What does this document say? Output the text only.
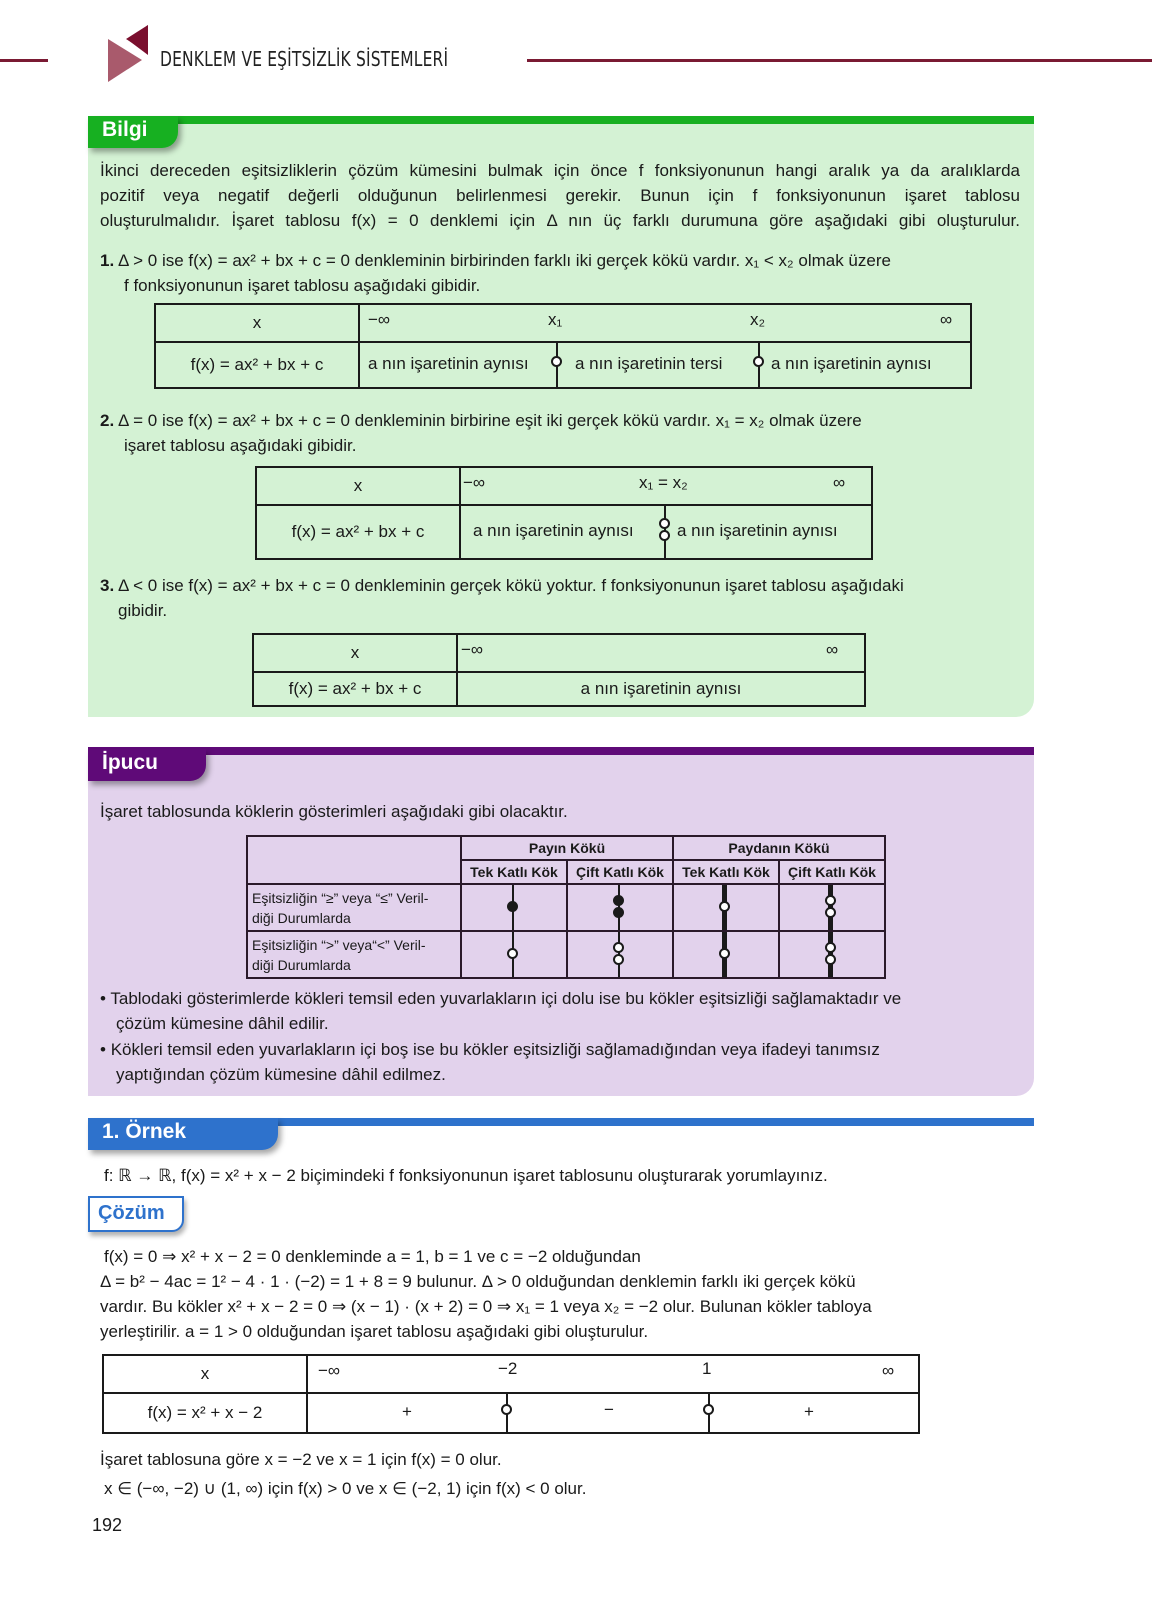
DENKLEM VE EŞİTSİZLİK SİSTEMLERİ
Bilgi
İkinci dereceden eşitsizliklerin çözüm kümesini bulmak için önce f fonksiyonunun hangi aralık ya da aralıklarda
pozitif veya negatif değerli olduğunun belirlenmesi gerekir. Bunun için f fonksiyonunun işaret tablosu
oluşturulmalıdır. İşaret tablosu f(x) = 0 denklemi için Δ nın üç farklı durumuna göre aşağıdaki gibi oluşturulur.
1. Δ > 0 ise f(x) = ax² + bx + c = 0 denkleminin birbirinden farklı iki gerçek kökü vardır. x₁ < x₂ olmak üzere
f fonksiyonunun işaret tablosu aşağıdaki gibidir.
x	−∞ x₁ x₂ ∞

f(x) = ax² + bx + c	a nın işaretinin aynısı a nın işaretinin tersi a nın işaretinin aynısı
2. Δ = 0 ise f(x) = ax² + bx + c = 0 denkleminin birbirine eşit iki gerçek kökü vardır. x₁ = x₂ olmak üzere
işaret tablosu aşağıdaki gibidir.
x	−∞ x₁ = x₂ ∞

f(x) = ax² + bx + c	a nın işaretinin aynısı a nın işaretinin aynısı
3. Δ < 0 ise f(x) = ax² + bx + c = 0 denkleminin gerçek kökü yoktur. f fonksiyonunun işaret tablosu aşağıdaki
gibidir.
x	−∞ ∞

f(x) = ax² + bx + c	a nın işaretinin aynısı
İpucu
İşaret tablosunda köklerin gösterimleri aşağıdaki gibi olacaktır.
	Payın Kökü		Paydanın Kökü	
	Tek Katlı Kök	Çift Katlı Kök	Tek Katlı Kök	Çift Katlı Kök

Eşitsizliğin “≥” veya “≤” Veril-
diği Durumlarda				

Eşitsizliğin “>” veya“<” Veril-
diği Durumlarda				

• Tablodaki gösterimlerde kökleri temsil eden yuvarlakların içi dolu ise bu kökler eşitsizliği sağlamaktadır ve
çözüm kümesine dâhil edilir.
• Kökleri temsil eden yuvarlakların içi boş ise bu kökler eşitsizliği sağlamadığından veya ifadeyi tanımsız
yaptığından çözüm kümesine dâhil edilmez.
1. Örnek
f: ℝ → ℝ, f(x) = x² + x − 2 biçimindeki f fonksiyonunun işaret tablosunu oluşturarak yorumlayınız.
Çözüm
f(x) = 0 ⇒ x² + x − 2 = 0 denkleminde a = 1, b = 1 ve c = −2 olduğundan
Δ = b² − 4ac = 1² − 4 · 1 · (−2) = 1 + 8 = 9 bulunur. Δ > 0 olduğundan denklemin farklı iki gerçek kökü
vardır. Bu kökler x² + x − 2 = 0 ⇒ (x − 1) · (x + 2) = 0 ⇒ x₁ = 1 veya x₂ = −2 olur. Bulunan kökler tabloya
yerleştirilir. a = 1 > 0 olduğundan işaret tablosu aşağıdaki gibi oluşturulur.
x	−∞ −2 1 ∞

f(x) = x² + x − 2	+ − +
İşaret tablosuna göre x = −2 ve x = 1 için f(x) = 0 olur.
x ∈ (−∞, −2) ∪ (1, ∞) için f(x) > 0 ve x ∈ (−2, 1) için f(x) < 0 olur.
192
